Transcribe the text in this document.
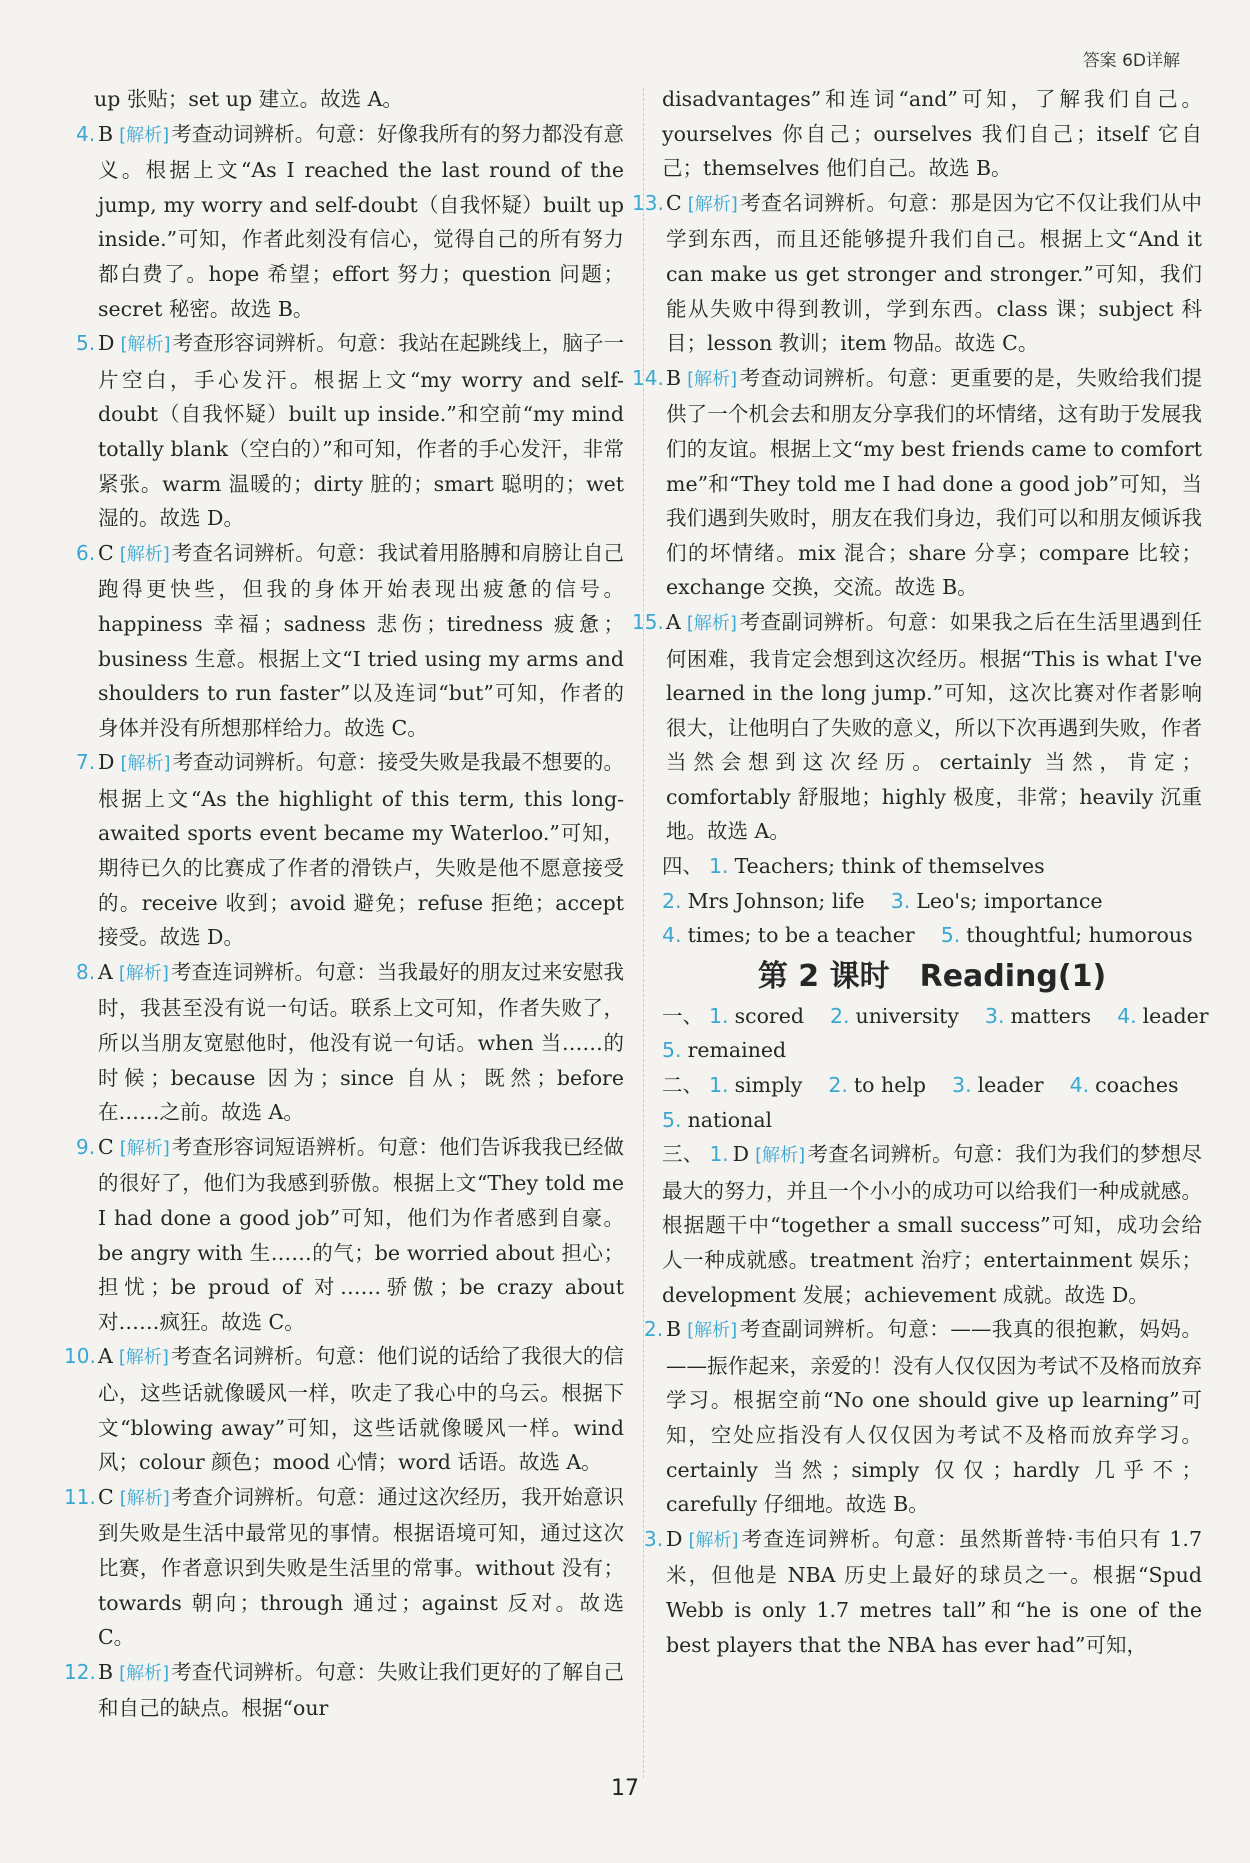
答案 6D详解

up 张贴；set up 建立。故选 A。

4. B [解析]考查动词辨析。句意：好像我所有的努力都没有意义。根据上文“As I reached the last round of the jump, my worry and self-doubt（自我怀疑）built up inside.”可知，作者此刻没有信心，觉得自己的所有努力都白费了。hope 希望；effort 努力；question 问题；secret 秘密。故选 B。
5. D [解析]考查形容词辨析。句意：我站在起跳线上，脑子一片空白，手心发汗。根据上文“my worry and self-doubt（自我怀疑）built up inside.”和空前“my mind totally blank（空白的）”和可知，作者的手心发汗，非常紧张。warm 温暖的；dirty 脏的；smart 聪明的；wet 湿的。故选 D。
6. C [解析]考查名词辨析。句意：我试着用胳膊和肩膀让自己跑得更快些，但我的身体开始表现出疲惫的信号。happiness 幸福；sadness 悲伤；tiredness 疲惫；business 生意。根据上文“I tried using my arms and shoulders to run faster”以及连词“but”可知，作者的身体并没有所想那样给力。故选 C。
7. D [解析]考查动词辨析。句意：接受失败是我最不想要的。根据上文“As the highlight of this term, this long-awaited sports event became my Waterloo.”可知，期待已久的比赛成了作者的滑铁卢，失败是他不愿意接受的。receive 收到；avoid 避免；refuse 拒绝；accept 接受。故选 D。
8. A [解析]考查连词辨析。句意：当我最好的朋友过来安慰我时，我甚至没有说一句话。联系上文可知，作者失败了，所以当朋友宽慰他时，他没有说一句话。when 当……的时候；because 因为；since 自从；既然；before 在……之前。故选 A。
9. C [解析]考查形容词短语辨析。句意：他们告诉我我已经做的很好了，他们为我感到骄傲。根据上文“They told me I had done a good job”可知，他们为作者感到自豪。be angry with 生……的气；be worried about 担心；担忧；be proud of 对……骄傲；be crazy about 对……疯狂。故选 C。
10. A [解析]考查名词辨析。句意：他们说的话给了我很大的信心，这些话就像暖风一样，吹走了我心中的乌云。根据下文“blowing away”可知，这些话就像暖风一样。wind 风；colour 颜色；mood 心情；word 话语。故选 A。
11. C [解析]考查介词辨析。句意：通过这次经历，我开始意识到失败是生活中最常见的事情。根据语境可知，通过这次比赛，作者意识到失败是生活里的常事。without 没有；towards 朝向；through 通过；against 反对。故选 C。
12. B [解析]考查代词辨析。句意：失败让我们更好的了解自己和自己的缺点。根据“our

disadvantages”和连词“and”可知，了解我们自己。yourselves 你自己；ourselves 我们自己；itself 它自己；themselves 他们自己。故选 B。

13. C [解析]考查名词辨析。句意：那是因为它不仅让我们从中学到东西，而且还能够提升我们自己。根据上文“And it can make us get stronger and stronger.”可知，我们能从失败中得到教训，学到东西。class 课；subject 科目；lesson 教训；item 物品。故选 C。
14. B [解析]考查动词辨析。句意：更重要的是，失败给我们提供了一个机会去和朋友分享我们的坏情绪，这有助于发展我们的友谊。根据上文“my best friends came to comfort me”和“They told me I had done a good job”可知，当我们遇到失败时，朋友在我们身边，我们可以和朋友倾诉我们的坏情绪。mix 混合；share 分享；compare 比较；exchange 交换，交流。故选 B。
15. A [解析]考查副词辨析。句意：如果我之后在生活里遇到任何困难，我肯定会想到这次经历。根据“This is what I've learned in the long jump.”可知，这次比赛对作者影响很大，让他明白了失败的意义，所以下次再遇到失败，作者当然会想到这次经历。certainly 当然，肯定；comfortably 舒服地；highly 极度，非常；heavily 沉重地。故选 A。
四、 1. Teachers; think of themselves
2. Mrs Johnson; life 3. Leo's; importance
4. times; to be a teacher 5. thoughtful; humorous
第 2 课时　Reading(1)
一、 1. scored 2. university 3. matters 4. leader
5. remained
二、 1. simply 2. to help 3. leader 4. coaches
5. national
三、 1. D [解析]考查名词辨析。句意：我们为我们的梦想尽最大的努力，并且一个小小的成功可以给我们一种成就感。根据题干中“together a small success”可知，成功会给人一种成就感。treatment 治疗；entertainment 娱乐；development 发展；achievement 成就。故选 D。
2. B [解析]考查副词辨析。句意：——我真的很抱歉，妈妈。——振作起来，亲爱的！没有人仅仅因为考试不及格而放弃学习。根据空前“No one should give up learning”可知，空处应指没有人仅仅因为考试不及格而放弃学习。certainly 当然；simply 仅仅；hardly 几乎不；carefully 仔细地。故选 B。
3. D [解析]考查连词辨析。句意：虽然斯普特·韦伯只有 1.7 米，但他是 NBA 历史上最好的球员之一。根据“Spud Webb is only 1.7 metres tall”和“he is one of the best players that the NBA has ever had”可知，
17
